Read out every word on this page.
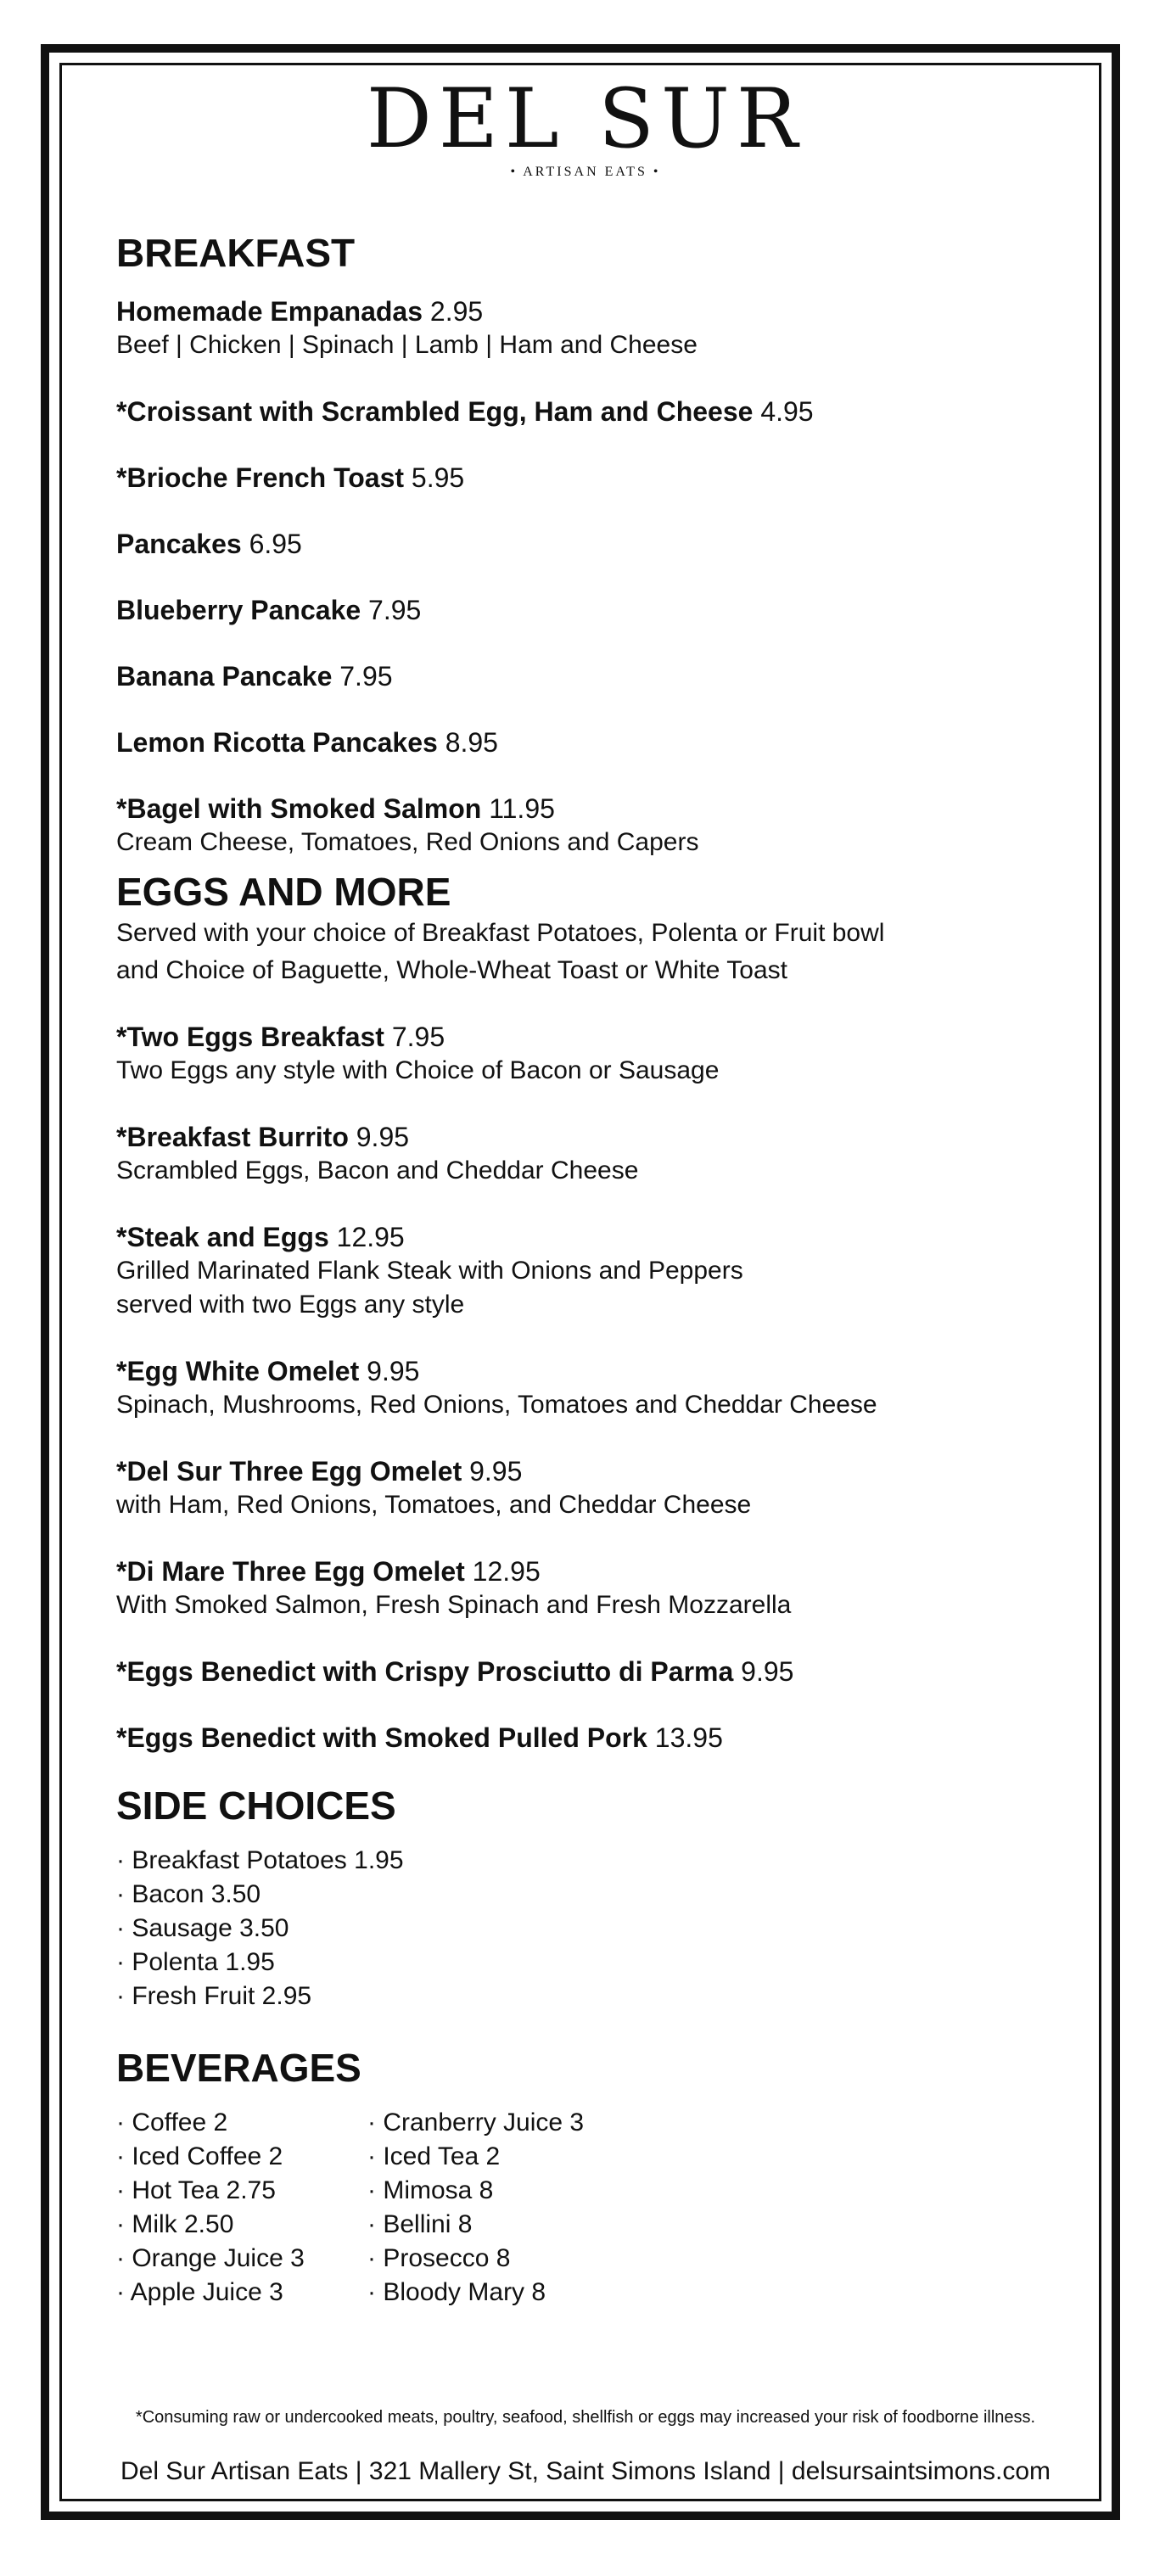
DEL SUR
• ARTISAN EATS •
BREAKFAST

Homemade Empanadas 2.95

Beef | Chicken | Spinach | Lamb | Ham and Cheese

*Croissant with Scrambled Egg, Ham and Cheese 4.95

*Brioche French Toast 5.95

Pancakes 6.95

Blueberry Pancake 7.95

Banana Pancake 7.95

Lemon Ricotta Pancakes 8.95

*Bagel with Smoked Salmon 11.95

Cream Cheese, Tomatoes, Red Onions and Capers

EGGS AND MORE

Served with your choice of Breakfast Potatoes, Polenta or Fruit bowl

and Choice of Baguette, Whole-Wheat Toast or White Toast

*Two Eggs Breakfast 7.95

Two Eggs any style with Choice of Bacon or Sausage

*Breakfast Burrito 9.95

Scrambled Eggs, Bacon and Cheddar Cheese

*Steak and Eggs 12.95

Grilled Marinated Flank Steak with Onions and Peppers

served with two Eggs any style

*Egg White Omelet 9.95

Spinach, Mushrooms, Red Onions, Tomatoes and Cheddar Cheese

*Del Sur Three Egg Omelet 9.95

with Ham, Red Onions, Tomatoes, and Cheddar Cheese

*Di Mare Three Egg Omelet 12.95

With Smoked Salmon, Fresh Spinach and Fresh Mozzarella

*Eggs Benedict with Crispy Prosciutto di Parma 9.95

*Eggs Benedict with Smoked Pulled Pork 13.95

SIDE CHOICES
· Breakfast Potatoes 1.95
· Bacon 3.50
· Sausage 3.50
· Polenta 1.95
· Fresh Fruit 2.95
BEVERAGES
· Coffee 2
· Iced Coffee 2
· Hot Tea 2.75
· Milk 2.50
· Orange Juice 3
· Apple Juice 3
· Cranberry Juice 3
· Iced Tea 2
· Mimosa 8
· Bellini 8
· Prosecco 8
· Bloody Mary 8
*Consuming raw or undercooked meats, poultry, seafood, shellfish or eggs may increased your risk of foodborne illness.
Del Sur Artisan Eats | 321 Mallery St, Saint Simons Island | delsursaintsimons.com
